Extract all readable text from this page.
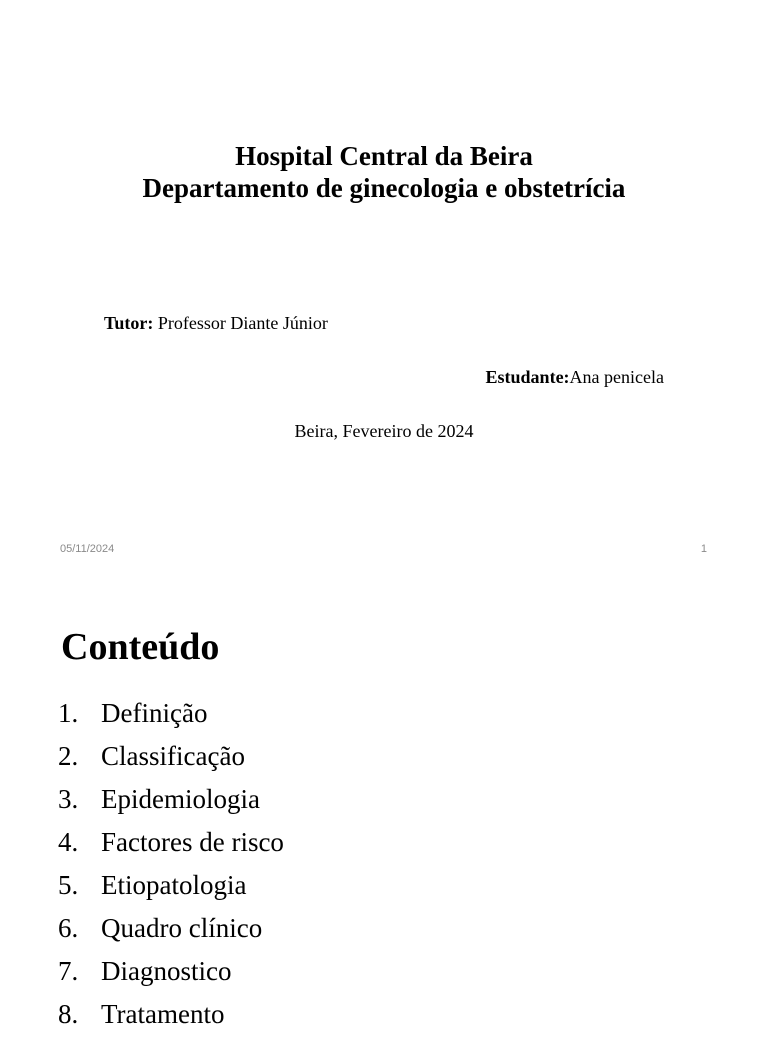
Hospital Central da Beira
Departamento de ginecologia e obstetrícia
Tutor: Professor Diante Júnior
Estudante:Ana penicela
Beira, Fevereiro de 2024
05/11/2024	1
Conteúdo
1. Definição
2. Classificação
3. Epidemiologia
4. Factores de risco
5. Etiopatologia
6. Quadro clínico
7. Diagnostico
8. Tratamento
